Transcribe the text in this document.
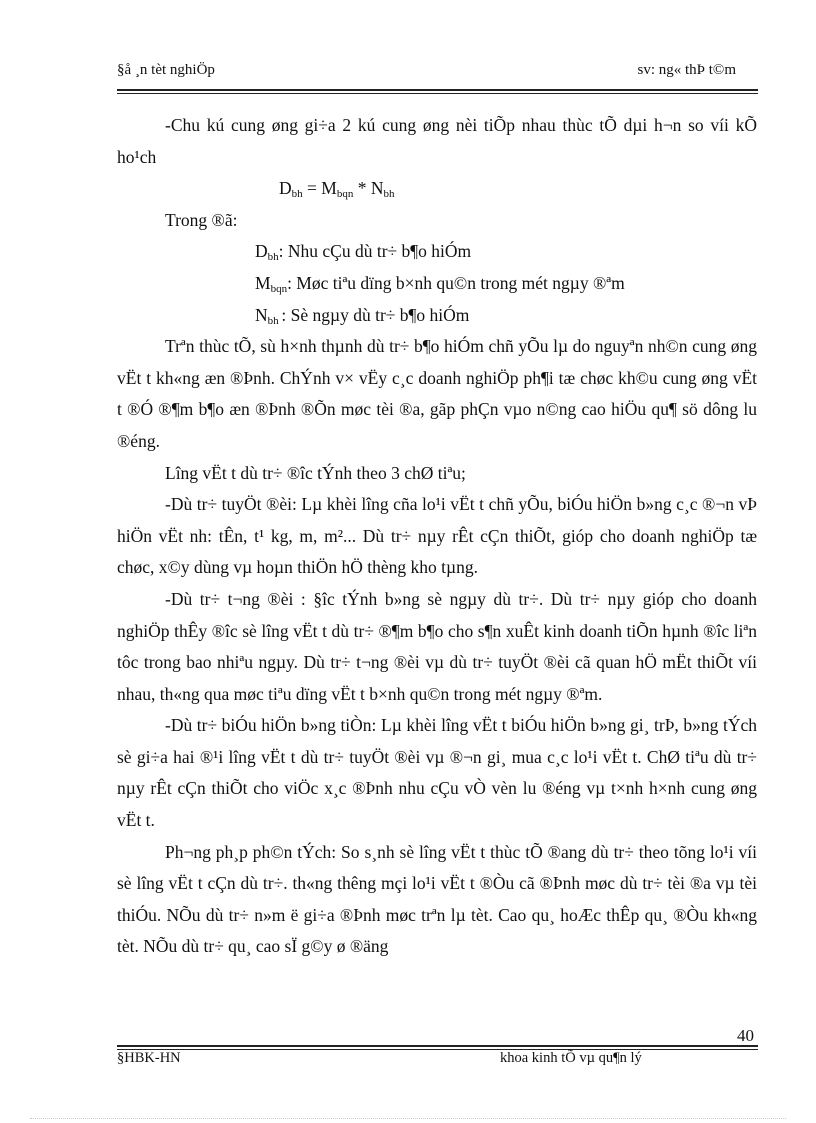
§å ¸n tèt nghiÖp	sv: ng« thÞ t©m

-Chu kú cung øng gi÷a 2 kú cung øng nèi tiÕp nhau thùc tÕ dµi h¬n so víi kÕ ho¹ch

$D_{bh} = M_{bqn} * N_{bh}$

Trong ®ã:

$D_{bh}$: Nhu cÇu dù tr÷ b¶o hiÓm

$M_{bqn}$: Møc tiªu dïng b×nh qu©n trong mét ngµy ®ªm

$N_{bh}$ : Sè ngµy dù tr÷ b¶o hiÓm

Trªn thùc tÕ, sù h×nh thµnh dù tr÷ b¶o hiÓm chñ yÕu lµ do nguyªn nh©n cung øng vËt t kh«ng æn ®Þnh. ChÝnh v× vËy c¸c doanh nghiÖp ph¶i tæ chøc kh©u cung øng vËt t ®Ó ®¶m b¶o æn ®Þnh ®Õn møc tèi ®a, gãp phÇn vµo n©ng cao hiÖu qu¶ sö dông lu ®éng.

Lîng vËt t dù tr÷ ®îc tÝnh theo 3 chØ tiªu;

-Dù tr÷ tuyÖt ®èi: Lµ khèi lîng cña lo¹i vËt t chñ yÕu, biÓu hiÖn b»ng c¸c ®¬n vÞ hiÖn vËt nh: tÊn, t¹ kg, m, m²... Dù tr÷ nµy rÊt cÇn thiÕt, gióp cho doanh nghiÖp tæ chøc, x©y dùng vµ hoµn thiÖn hÖ thèng kho tµng.

-Dù tr÷ t¬ng ®èi : §îc tÝnh b»ng sè ngµy dù tr÷. Dù tr÷ nµy gióp cho doanh nghiÖp thÊy ®îc sè lîng vËt t dù tr÷ ®¶m b¶o cho s¶n xuÊt kinh doanh tiÕn hµnh ®îc liªn tôc trong bao nhiªu ngµy. Dù tr÷ t¬ng ®èi vµ dù tr÷ tuyÖt ®èi cã quan hÖ mËt thiÕt víi nhau, th«ng qua møc tiªu dïng vËt t b×nh qu©n trong mét ngµy ®ªm.

-Dù tr÷ biÓu hiÖn b»ng tiÒn: Lµ khèi lîng vËt t biÓu hiÖn b»ng gi¸ trÞ, b»ng tÝch sè gi÷a hai ®¹i lîng vËt t dù tr÷ tuyÖt ®èi vµ ®¬n gi¸ mua c¸c lo¹i vËt t. ChØ tiªu dù tr÷ nµy rÊt cÇn thiÕt cho viÖc x¸c ®Þnh nhu cÇu vÒ vèn lu ®éng vµ t×nh h×nh cung øng vËt t.

Ph¬ng ph¸p ph©n tÝch: So s¸nh sè lîng vËt t thùc tÕ ®ang dù tr÷ theo tõng lo¹i víi sè lîng vËt t cÇn dù tr÷. th«ng thêng mçi lo¹i vËt t ®Òu cã ®Þnh møc dù tr÷ tèi ®a vµ tèi thiÓu. NÕu dù tr÷ n»m ë gi÷a ®Þnh møc trªn lµ tèt. Cao qu¸ hoÆc thÊp qu¸ ®Òu kh«ng tèt. NÕu dù tr÷ qu¸ cao sÏ g©y ø ®äng

40
§HBK-HN	khoa kinh tÕ vµ qu¶n lý
